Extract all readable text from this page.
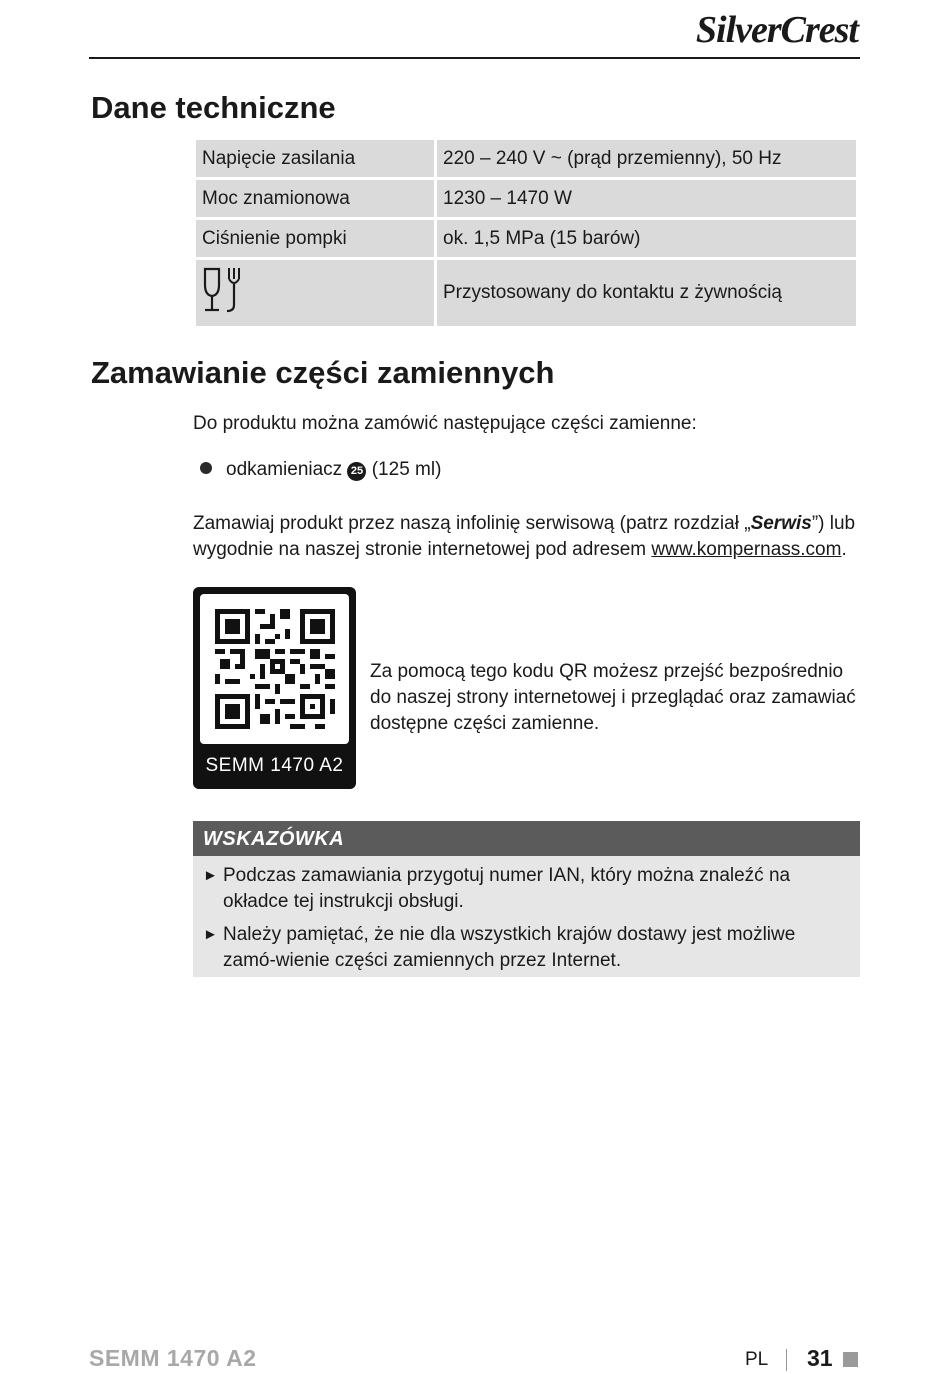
SilverCrest
Dane techniczne
Napięcie zasilania	220 – 240 V ~ (prąd przemienny), 50 Hz
Moc znamionowa	1230 – 1470 W
Ciśnienie pompki	ok. 1,5 MPa (15 barów)
	Przystosowany do kontaktu z żywnością
Zamawianie części zamiennych
Do produktu można zamówić następujące części zamienne:
odkamieniacz 25 (125 ml)
Zamawiaj produkt przez naszą infolinię serwisową (patrz rozdział „Serwis”) lub wygodnie na naszej stronie internetowej pod adresem www.kompernass.com.
SEMM 1470 A2
Za pomocą tego kodu QR możesz przejść bezpośrednio do naszej strony internetowej i przeglądać oraz zamawiać dostępne części zamienne.
WSKAZÓWKA
► Podczas zamawiania przygotuj numer IAN, który można znaleźć na okładce tej instrukcji obsługi.
► Należy pamiętać, że nie dla wszystkich krajów dostawy jest możliwe zamó-wienie części zamiennych przez Internet.
SEMM 1470 A2	PL 31
